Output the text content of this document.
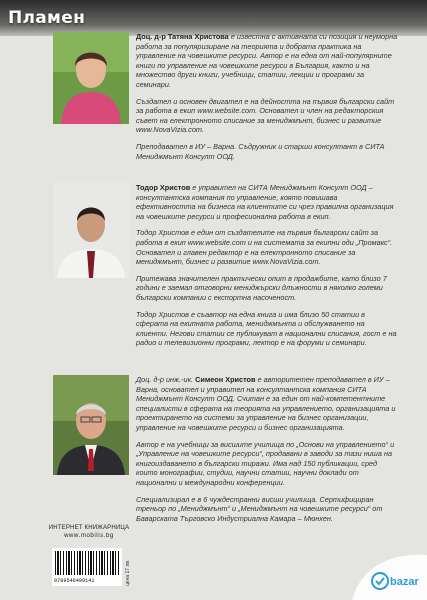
Пламен

Доц. д-р Татяна Христова е известна с активната си позиция и неуморна работа за популяризиране на теорията и добрата практика на управление на човешките ресурси. Автор е на една от най-популярните книги по управление на човешките ресурси в България, както и на множество други книги, учебници, статии, лекции и програми за семинари.

Създател и основен двигател е на дейността на първия български сайт за работа в екип www.website.com. Основател и член на редакторския съвет на електронното списание за мениджмънт, бизнес и развитие www.NovaVizia.com.

Преподавател в ИУ – Варна. Съдружник и старши консултант в СИТА Мениджмънт Консулт ООД.

Тодор Христов е управител на СИТА Мениджмънт Консулт ООД – консултантска компания по управление, която повишава ефективността на бизнеса на клиентите си чрез правилна организация на човешките ресурси и професионална работа в екип.

Тодор Христов е един от създателите на първия български сайт за работа в екип www.website.com и на системата за екипни оди „Промакс“. Основател и главен редактор е на електронното списание за мениджмънт, бизнес и развитие www.NovaVizia.com.

Притежава значителен практически опит в продажбите, като близо 7 години е заемал отговорни мениджърски длъжности в няколко големи български компании с експортна насоченост.

Тодор Христов е съавтор на една книга и има близо 50 статии в сферата на екипната работа, мениджмънта и обслужването на клиенти. Негови статии се публикуват в национални списания, гост е на радио и телевизионни програми, лектор е на форуми и семинари.

Доц. д-р инж.-ик. Симеон Христов е авторитетен преподавател в ИУ – Варна, основател и управител на консултантска компания СИТА Мениджмънт Консулт ООД. Считан е за един от най-компетентните специалисти в сферата на теорията на управлението, организацията и проектирането на системи за управление на бизнес организации, управление на човешките ресурси и бизнес организацията.

Автор е на учебници за висшите училища по „Основи на управлението“ и „Управление на човешките ресурси“, продавани в заводи за тази ниша на книгоиздаването в български тиражи. Има над 150 публикации, сред които монографии, студии, научни статии, научни доклади от национални и международни конференции.

Специализирал е в 6 чуждестранни висши училища. Сертифициран треньор по „Мениджмънт“ и „Мениджмънт на човешките ресурси“ от Баварската Търговско Индустриална Камара – Мюнхен.

ИНТЕРНЕТ КНИЖАРНИЦА
www.mobilis.bg
9789546499141	цена 17 лв.	bazar
